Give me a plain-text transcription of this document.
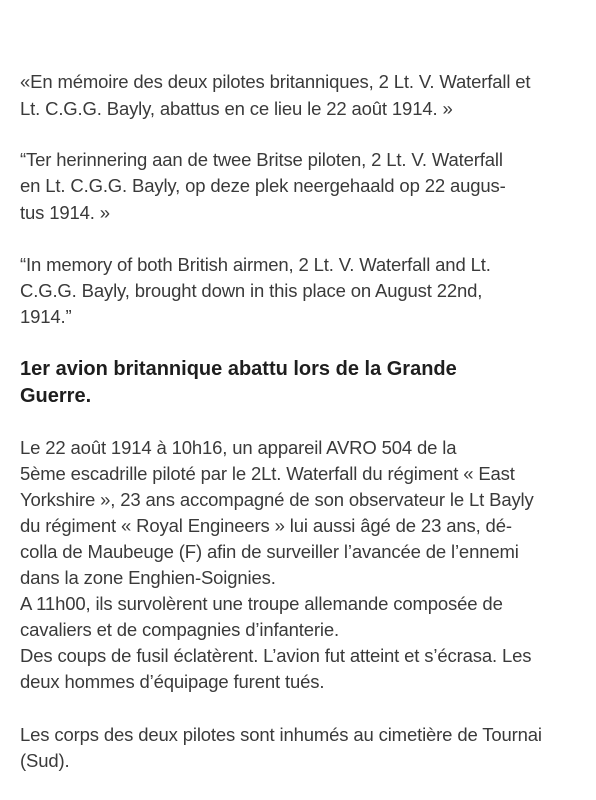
«En mémoire des deux pilotes britanniques, 2 Lt. V. Waterfall et
Lt. C.G.G. Bayly, abattus en ce lieu le 22 août 1914. »
“Ter herinnering aan de twee Britse piloten, 2 Lt. V. Waterfall
en Lt. C.G.G. Bayly, op deze plek neergehaald op 22 augus-
tus 1914. »
“In memory of both British airmen, 2 Lt. V. Waterfall and Lt.
C.G.G. Bayly, brought down in this place on August 22nd,
1914.”
1er avion britannique abattu lors de la Grande
Guerre.
Le 22 août 1914 à 10h16, un appareil AVRO 504 de la
5ème escadrille piloté par le 2Lt. Waterfall du régiment « East
Yorkshire », 23 ans accompagné de son observateur le Lt Bayly
du régiment « Royal Engineers » lui aussi âgé de 23 ans, dé-
colla de Maubeuge (F) afin de surveiller l’avancée de l’ennemi
dans la zone Enghien-Soignies.
A 11h00, ils survolèrent une troupe allemande composée de
cavaliers et de compagnies d’infanterie.
Des coups de fusil éclatèrent. L’avion fut atteint et s’écrasa. Les
deux hommes d’équipage furent tués.
Les corps des deux pilotes sont inhumés au cimetière de Tournai
(Sud).
